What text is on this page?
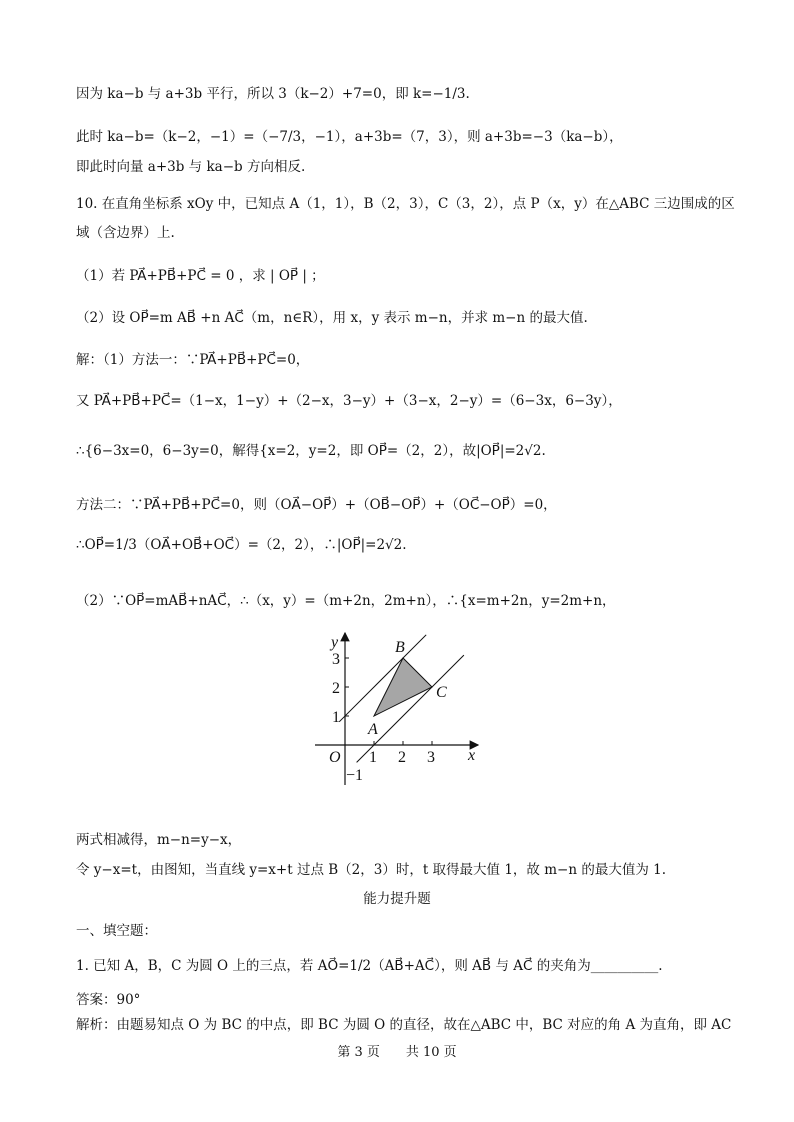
因为 ka−b 与 a+3b 平行，所以 3（k−2）+7=0，即 k=−1/3.
此时 ka−b=（k−2，−1）=（−7/3，−1），a+3b=（7，3），则 a+3b=−3（ka−b），
即此时向量 a+3b 与 ka−b 方向相反.
10. 在直角坐标系 xOy 中，已知点 A（1，1），B（2，3），C（3，2），点 P（x，y）在△ABC 三边围成的区
域（含边界）上.
（1）若 PA⃗+PB⃗+PC⃗ = 0 ，求 | OP⃗ | ；
（2）设 OP⃗=m AB⃗ +n AC⃗（m，n∈R），用 x，y 表示 m−n，并求 m−n 的最大值.
解：（1）方法一：∵PA⃗+PB⃗+PC⃗=0，
又 PA⃗+PB⃗+PC⃗=（1−x，1−y）+（2−x，3−y）+（3−x，2−y）=（6−3x，6−3y），
∴{6−3x=0，6−3y=0，解得{x=2，y=2，即 OP⃗=（2，2），故|OP⃗|=2√2.
方法二：∵PA⃗+PB⃗+PC⃗=0，则（OA⃗−OP⃗）+（OB⃗−OP⃗）+（OC⃗−OP⃗）=0，
∴OP⃗=1/3（OA⃗+OB⃗+OC⃗）=（2，2），∴|OP⃗|=2√2.
（2）∵OP⃗=mAB⃗+nAC⃗，∴（x，y）=（m+2n，2m+n），∴{x=m+2n，y=2m+n，
1 2 3
1
2
3
−1
O	x
y
A
B
C
两式相减得，m−n=y−x，
令 y−x=t，由图知，当直线 y=x+t 过点 B（2，3）时，t 取得最大值 1，故 m−n 的最大值为 1.
能力提升题
一、填空题：
1. 已知 A，B，C 为圆 O 上的三点，若 AO⃗=1/2（AB⃗+AC⃗），则 AB⃗ 与 AC⃗ 的夹角为__________.
答案：90°
解析：由题易知点 O 为 BC 的中点，即 BC 为圆 O 的直径，故在△ABC 中，BC 对应的角 A 为直角，即 AC
第 3 页　　共 10 页
